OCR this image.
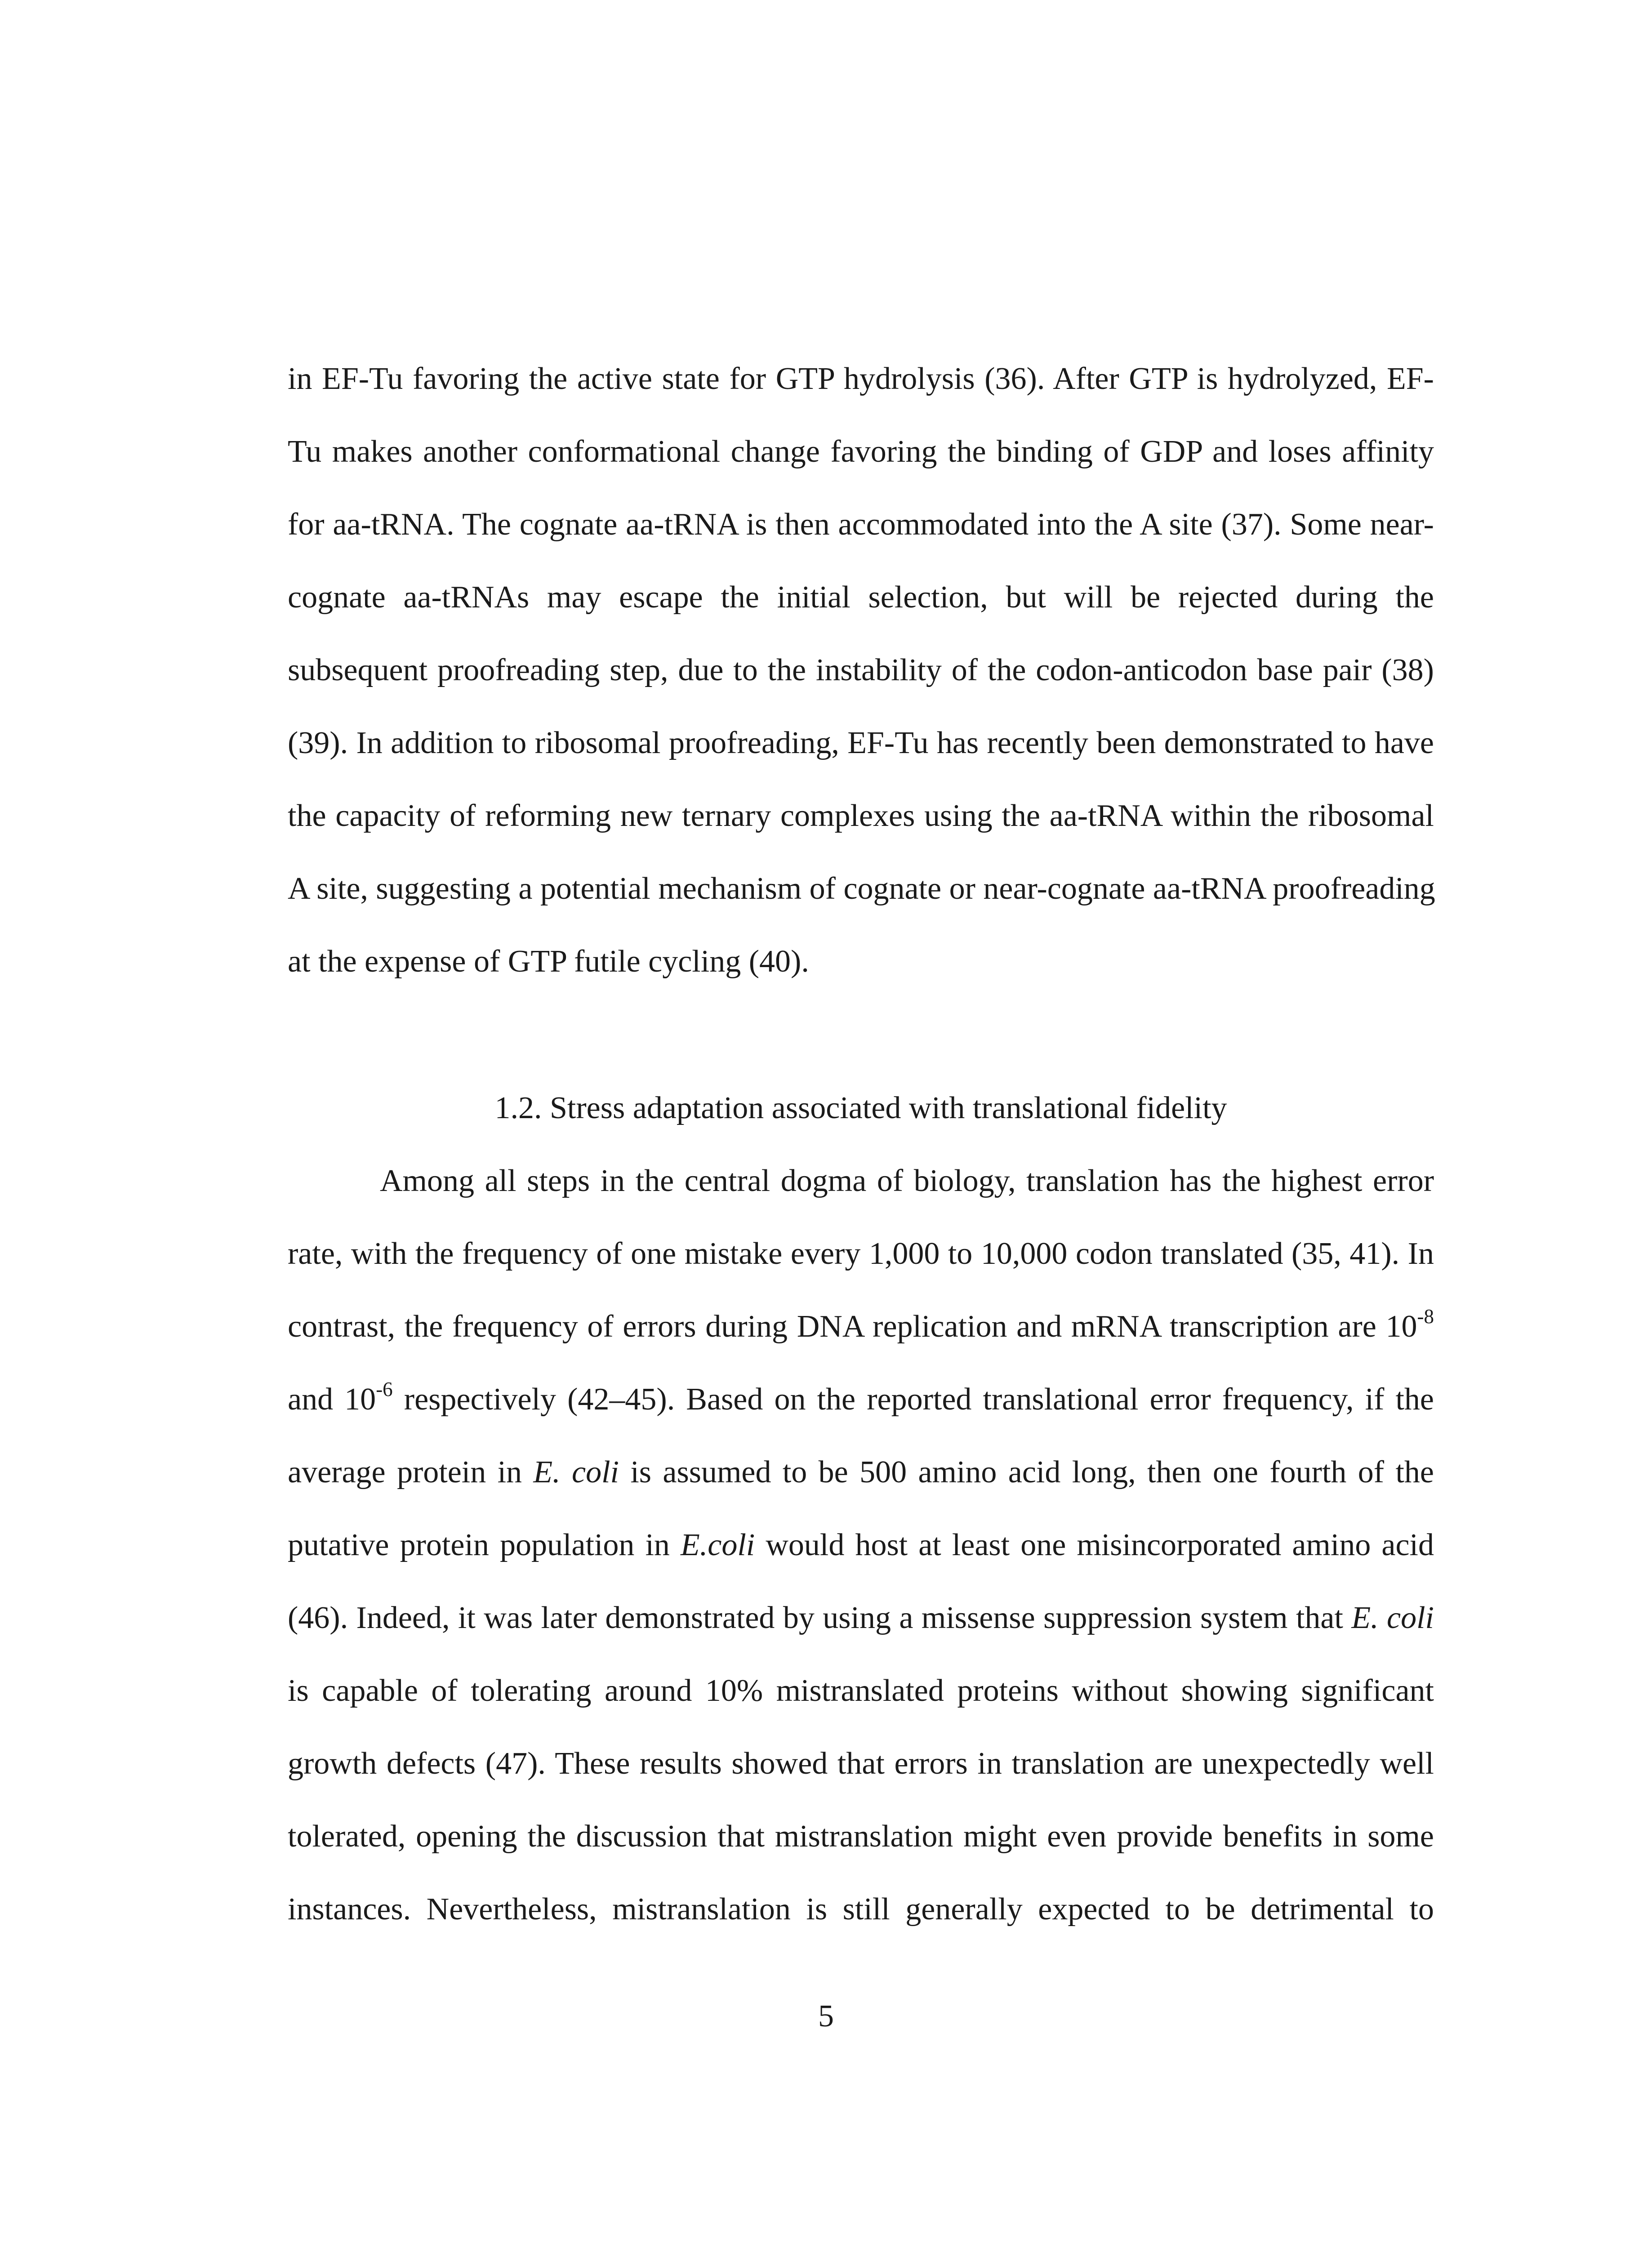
in EF-Tu favoring the active state for GTP hydrolysis (36). After GTP is hydrolyzed, EF-
Tu makes another conformational change favoring the binding of GDP and loses affinity
for aa-tRNA. The cognate aa-tRNA is then accommodated into the A site (37). Some near-
cognate aa-tRNAs may escape the initial selection, but will be rejected during the
subsequent proofreading step, due to the instability of the codon-anticodon base pair (38)
(39). In addition to ribosomal proofreading, EF-Tu has recently been demonstrated to have
the capacity of reforming new ternary complexes using the aa-tRNA within the ribosomal
A site, suggesting a potential mechanism of cognate or near-cognate aa-tRNA proofreading
at the expense of GTP futile cycling (40).
1.2. Stress adaptation associated with translational fidelity
Among all steps in the central dogma of biology, translation has the highest error
rate, with the frequency of one mistake every 1,000 to 10,000 codon translated (35, 41). In
contrast, the frequency of errors during DNA replication and mRNA transcription are $10^{-8}$
and $10^{-6}$ respectively (42–45). Based on the reported translational error frequency, if the
average protein in E. coli is assumed to be 500 amino acid long, then one fourth of the
putative protein population in E.coli would host at least one misincorporated amino acid
(46). Indeed, it was later demonstrated by using a missense suppression system that E. coli
is capable of tolerating around 10% mistranslated proteins without showing significant
growth defects (47). These results showed that errors in translation are unexpectedly well
tolerated, opening the discussion that mistranslation might even provide benefits in some
instances. Nevertheless, mistranslation is still generally expected to be detrimental to
5
